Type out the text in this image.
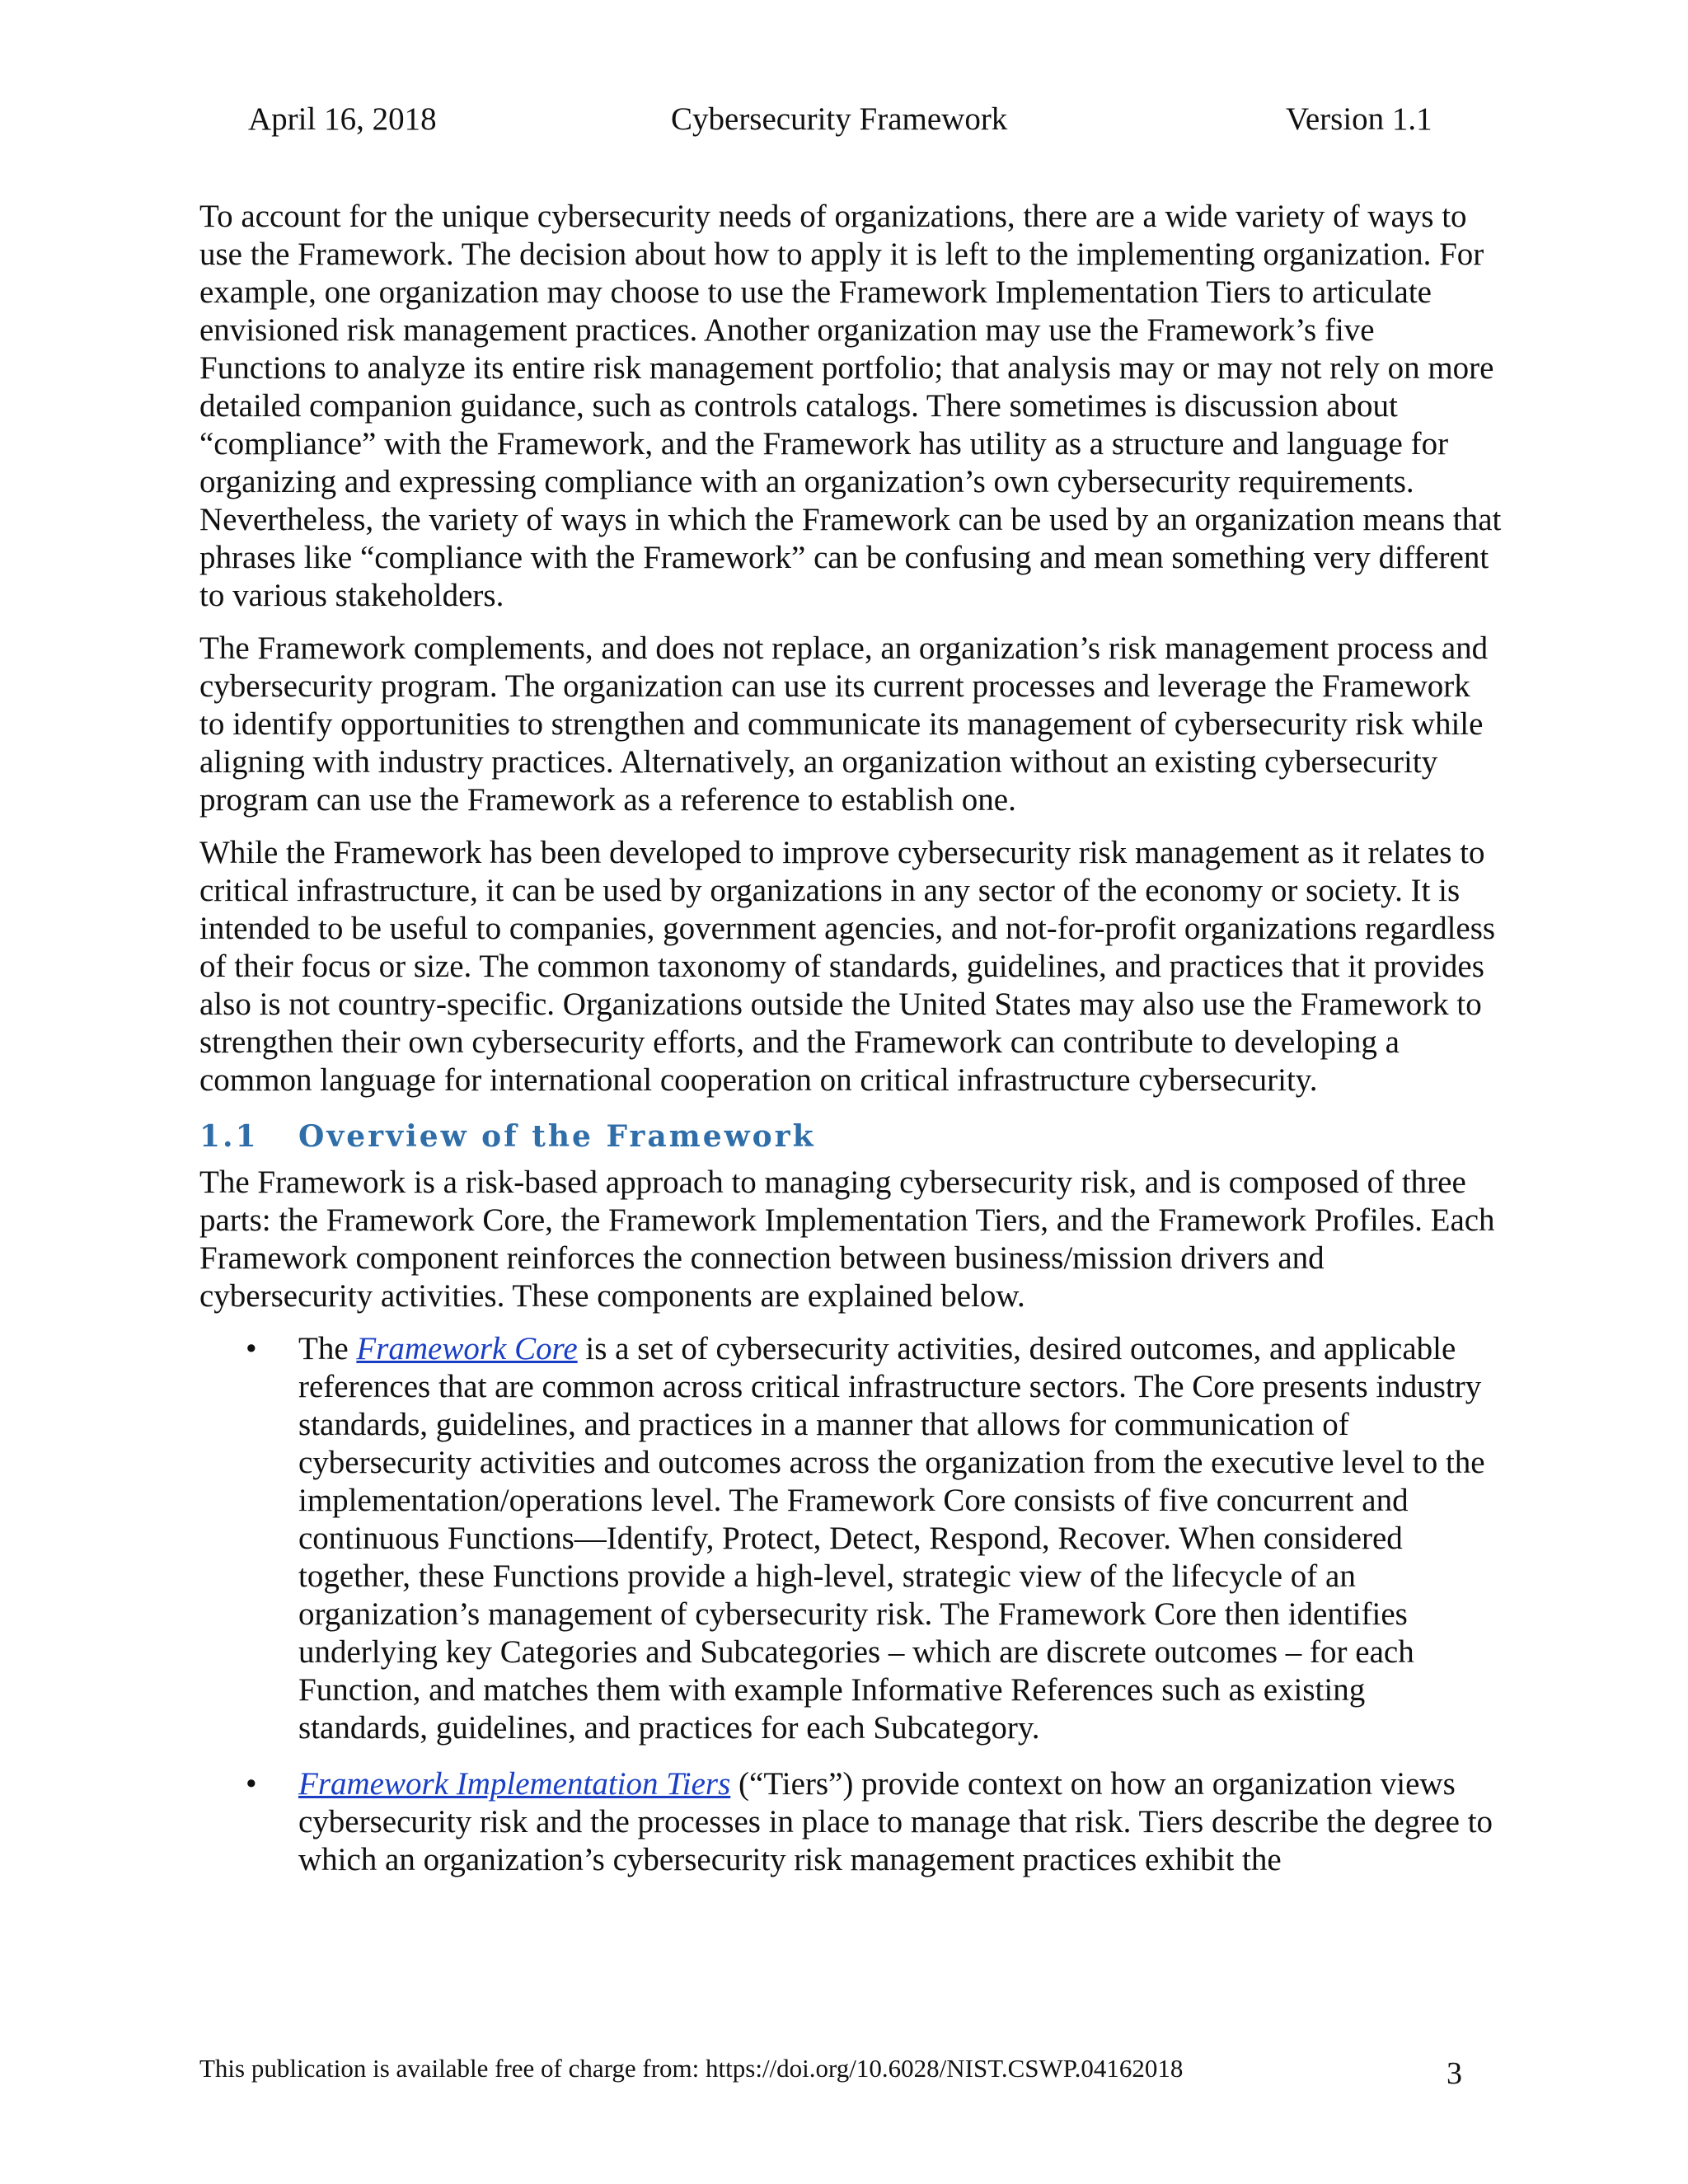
April 16, 2018	Cybersecurity Framework	Version 1.1

To account for the unique cybersecurity needs of organizations, there are a wide variety of ways to use the Framework. The decision about how to apply it is left to the implementing organization. For example, one organization may choose to use the Framework Implementation Tiers to articulate envisioned risk management practices. Another organization may use the Framework’s five Functions to analyze its entire risk management portfolio; that analysis may or may not rely on more detailed companion guidance, such as controls catalogs. There sometimes is discussion about “compliance” with the Framework, and the Framework has utility as a structure and language for organizing and expressing compliance with an organization’s own cybersecurity requirements. Nevertheless, the variety of ways in which the Framework can be used by an organization means that phrases like “compliance with the Framework” can be confusing and mean something very different to various stakeholders.

The Framework complements, and does not replace, an organization’s risk management process and cybersecurity program. The organization can use its current processes and leverage the Framework to identify opportunities to strengthen and communicate its management of cybersecurity risk while aligning with industry practices. Alternatively, an organization without an existing cybersecurity program can use the Framework as a reference to establish one.

While the Framework has been developed to improve cybersecurity risk management as it relates to critical infrastructure, it can be used by organizations in any sector of the economy or society. It is intended to be useful to companies, government agencies, and not-for-profit organizations regardless of their focus or size. The common taxonomy of standards, guidelines, and practices that it provides also is not country-specific. Organizations outside the United States may also use the Framework to strengthen their own cybersecurity efforts, and the Framework can contribute to developing a common language for international cooperation on critical infrastructure cybersecurity.

1.1 Overview of the Framework

The Framework is a risk-based approach to managing cybersecurity risk, and is composed of three parts: the Framework Core, the Framework Implementation Tiers, and the Framework Profiles. Each Framework component reinforces the connection between business/mission drivers and cybersecurity activities. These components are explained below.

• The Framework Core is a set of cybersecurity activities, desired outcomes, and applicable references that are common across critical infrastructure sectors. The Core presents industry standards, guidelines, and practices in a manner that allows for communication of cybersecurity activities and outcomes across the organization from the executive level to the implementation/operations level. The Framework Core consists of five concurrent and continuous Functions—Identify, Protect, Detect, Respond, Recover. When considered together, these Functions provide a high-level, strategic view of the lifecycle of an organization’s management of cybersecurity risk. The Framework Core then identifies underlying key Categories and Subcategories – which are discrete outcomes – for each Function, and matches them with example Informative References such as existing standards, guidelines, and practices for each Subcategory.
• Framework Implementation Tiers (“Tiers”) provide context on how an organization views cybersecurity risk and the processes in place to manage that risk. Tiers describe the degree to which an organization’s cybersecurity risk management practices exhibit the
This publication is available free of charge from: https://doi.org/10.6028/NIST.CSWP.04162018	3
